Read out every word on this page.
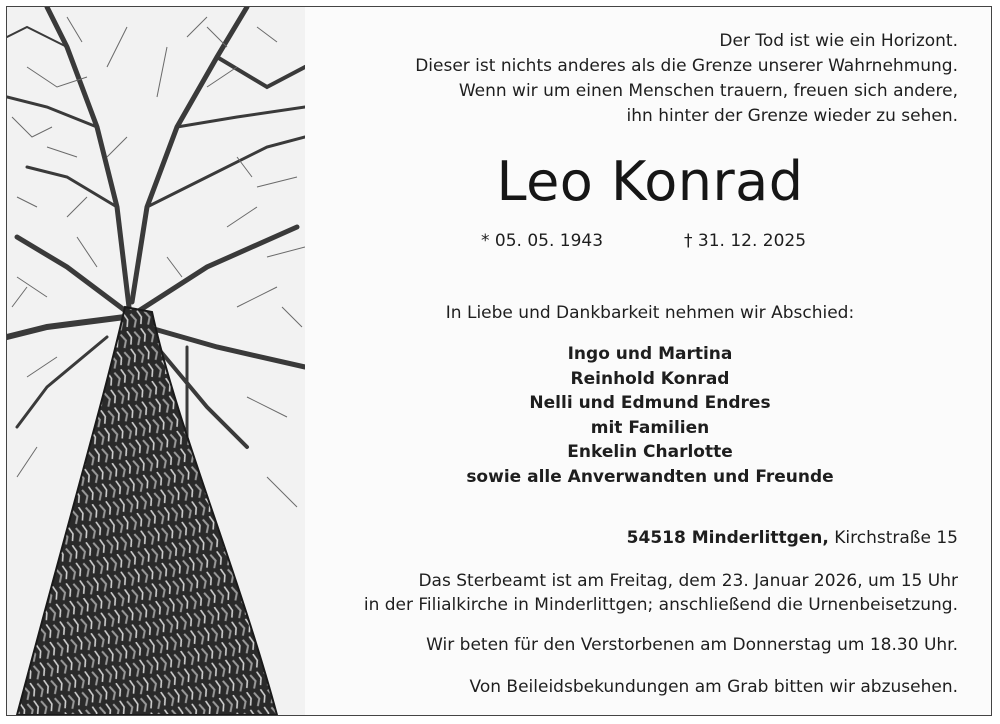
Der Tod ist wie ein Horizont.
Dieser ist nichts anderes als die Grenze unserer Wahrnehmung.
Wenn wir um einen Menschen trauern, freuen sich andere,
ihn hinter der Grenze wieder zu sehen.
Leo Konrad
* 05. 05. 1943	† 31. 12. 2025
In Liebe und Dankbarkeit nehmen wir Abschied:
Ingo und Martina
Reinhold Konrad
Nelli und Edmund Endres
mit Familien
Enkelin Charlotte
sowie alle Anverwandten und Freunde
54518 Minderlittgen, Kirchstraße 15
Das Sterbeamt ist am Freitag, dem 23. Januar 2026, um 15 Uhr
in der Filialkirche in Minderlittgen; anschließend die Urnenbeisetzung.
Wir beten für den Verstorbenen am Donnerstag um 18.30 Uhr.
Von Beileidsbekundungen am Grab bitten wir abzusehen.
